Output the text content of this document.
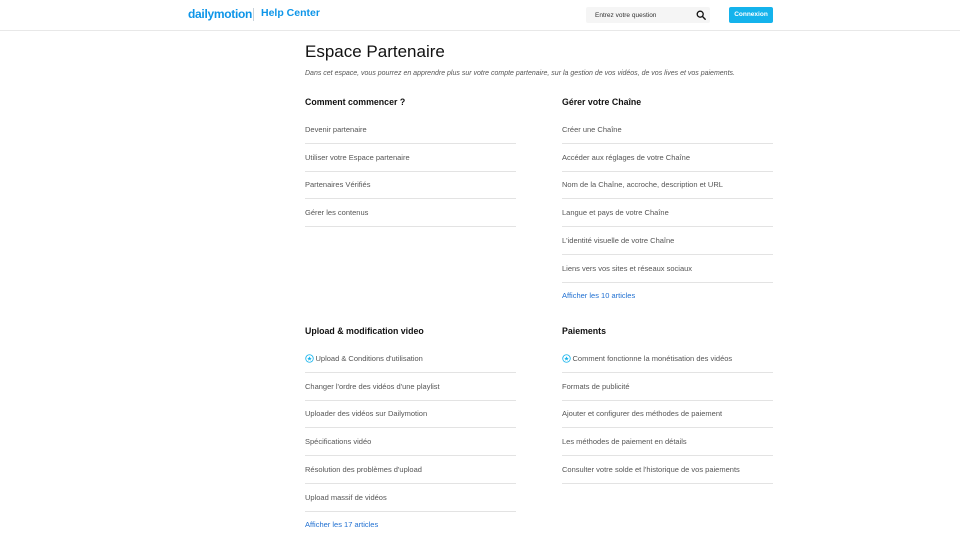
dailymotion Help Center
Entrez votre question	Connexion
Espace Partenaire

Dans cet espace, vous pourrez en apprendre plus sur votre compte partenaire, sur la gestion de vos vidéos, de vos lives et vos paiements.

Comment commencer ?
Devenir partenaire
Utiliser votre Espace partenaire
Partenaires Vérifiés
Gérer les contenus
Gérer votre Chaîne
Créer une Chaîne
Accéder aux réglages de votre Chaîne
Nom de la Chaîne, accroche, description et URL
Langue et pays de votre Chaîne
L'identité visuelle de votre Chaîne
Liens vers vos sites et réseaux sociaux
Afficher les 10 articles
Upload & modification video
Upload & Conditions d'utilisation
Changer l'ordre des vidéos d'une playlist
Uploader des vidéos sur Dailymotion
Spécifications vidéo
Résolution des problèmes d'upload
Upload massif de vidéos
Afficher les 17 articles
Paiements
Comment fonctionne la monétisation des vidéos
Formats de publicité
Ajouter et configurer des méthodes de paiement
Les méthodes de paiement en détails
Consulter votre solde et l'historique de vos paiements
